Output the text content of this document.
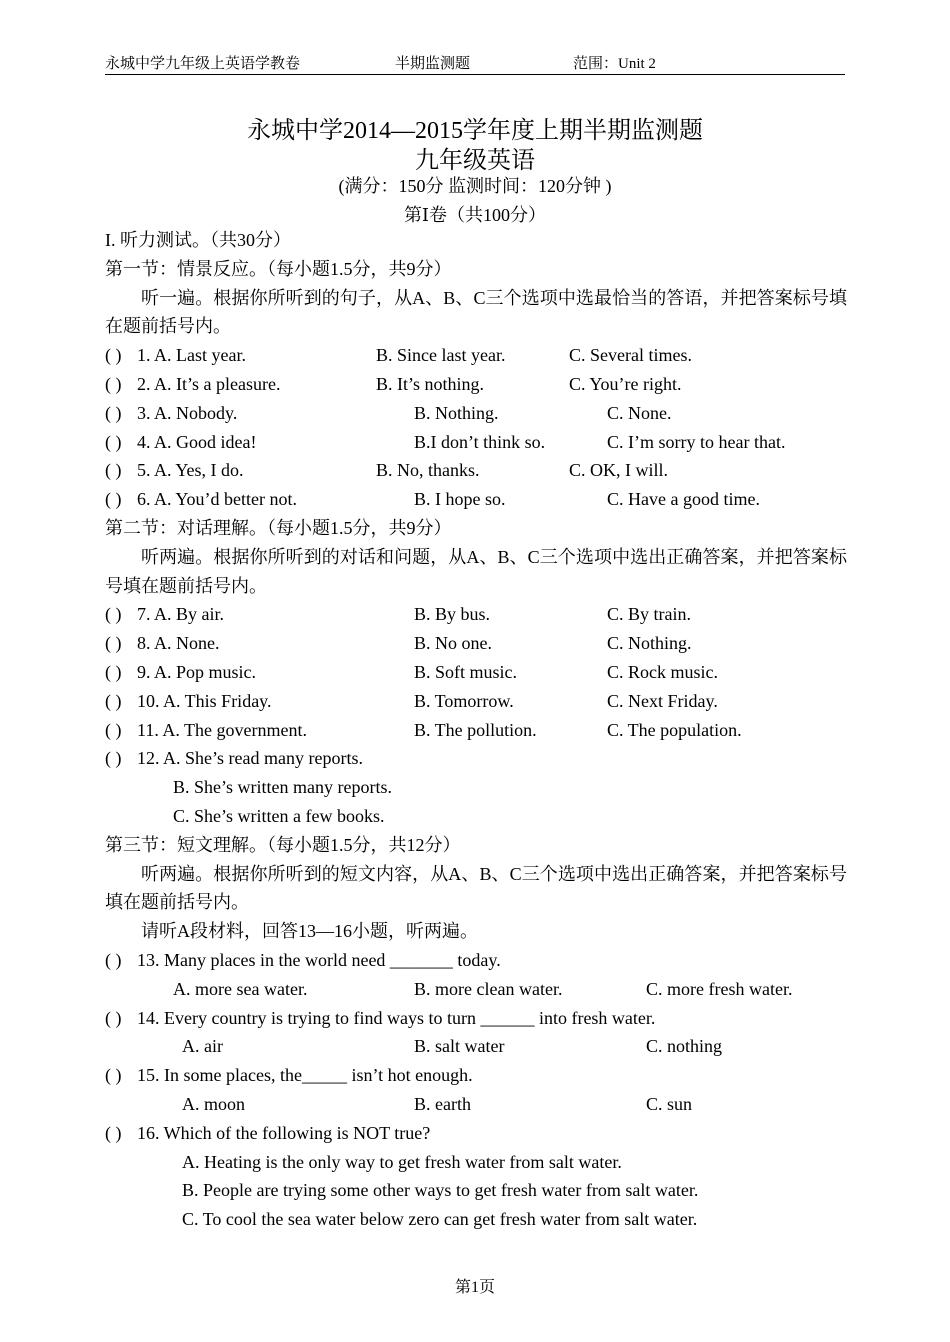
永城中学九年级上英语学教卷	半期监测题	范围：Unit 2
永城中学2014—2015学年度上期半期监测题
九年级英语
(满分：150分 监测时间：120分钟 )
第Ⅰ卷（共100分）
I. 听力测试。（共30分）
第一节：情景反应。（每小题1.5分，共9分）
听一遍。根据你所听到的句子，从A、B、C三个选项中选最恰当的答语，并把答案标号填在题前括号内。
( ) 1. A. Last year.	B. Since last year.	C. Several times.
( ) 2. A. It’s a pleasure.	B. It’s nothing.	C. You’re right.
( ) 3. A. Nobody.	B. Nothing.	C. None.
( ) 4. A. Good idea!	B.I don’t think so.	C. I’m sorry to hear that.
( ) 5. A. Yes, I do.	B. No, thanks.	C. OK, I will.
( ) 6. A. You’d better not.	B. I hope so.	C. Have a good time.
第二节：对话理解。（每小题1.5分，共9分）
听两遍。根据你所听到的对话和问题，从A、B、C三个选项中选出正确答案，并把答案标号填在题前括号内。
( ) 7. A. By air.	B. By bus.	C. By train.
( ) 8. A. None.	B. No one.	C. Nothing.
( ) 9. A. Pop music.	B. Soft music.	C. Rock music.
( ) 10. A. This Friday.	B. Tomorrow.	C. Next Friday.
( ) 11. A. The government.	B. The pollution.	C. The population.
( ) 12. A. She’s read many reports.
B. She’s written many reports.
C. She’s written a few books.
第三节：短文理解。（每小题1.5分，共12分）
听两遍。根据你所听到的短文内容，从A、B、C三个选项中选出正确答案，并把答案标号填在题前括号内。
请听A段材料，回答13—16小题，听两遍。
( ) 13. Many places in the world need _______ today.
A. more sea water.	B. more clean water.	C. more fresh water.
( ) 14. Every country is trying to find ways to turn ______ into fresh water.
A. air	B. salt water	C. nothing
( ) 15. In some places, the_____ isn’t hot enough.
A. moon	B. earth	C. sun
( ) 16. Which of the following is NOT true?
A. Heating is the only way to get fresh water from salt water.
B. People are trying some other ways to get fresh water from salt water.
C. To cool the sea water below zero can get fresh water from salt water.
第1页
